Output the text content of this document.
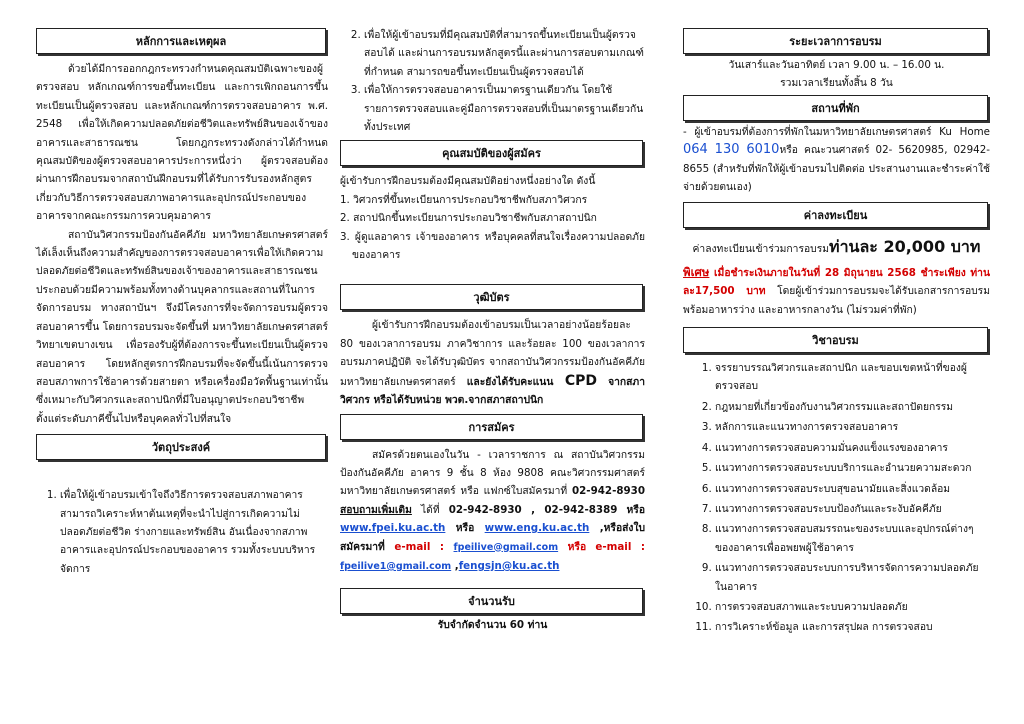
หลักการและเหตุผล

ด้วยได้มีการออกกฎกระทรวงกำหนดคุณสมบัติเฉพาะของผู้ตรวจสอบ หลักเกณฑ์การขอขึ้นทะเบียน และการเพิกถอนการขึ้นทะเบียนเป็นผู้ตรวจสอบ และหลักเกณฑ์การตรวจสอบอาคาร พ.ศ. 2548 เพื่อให้เกิดความปลอดภัยต่อชีวิตและทรัพย์สินของเจ้าของอาคารและสาธารณชน โดยกฎกระทรวงดังกล่าวได้กำหนดคุณสมบัติของผู้ตรวจสอบอาคารประการหนึ่งว่า ผู้ตรวจสอบต้องผ่านการฝึกอบรมจากสถาบันฝึกอบรมที่ได้รับการรับรองหลักสูตรเกี่ยวกับวิธีการตรวจสอบสภาพอาคารและอุปกรณ์ประกอบของอาคารจากคณะกรรมการควบคุมอาคาร

สถาบันวิศวกรรมป้องกันอัคคีภัย มหาวิทยาลัยเกษตรศาสตร์ ได้เล็งเห็นถึงความสำคัญของการตรวจสอบอาคารเพื่อให้เกิดความปลอดภัยต่อชีวิตและทรัพย์สินของเจ้าของอาคารและสาธารณชน ประกอบด้วยมีความพร้อมทั้งทางด้านบุคลากรและสถานที่ในการจัดการอบรม ทางสถาบันฯ จึงมีโครงการที่จะจัดการอบรมผู้ตรวจสอบอาคารขึ้น โดยการอบรมจะจัดขึ้นที่ มหาวิทยาลัยเกษตรศาสตร์ วิทยาเขตบางเขน เพื่อรองรับผู้ที่ต้องการจะขึ้นทะเบียนเป็นผู้ตรวจสอบอาคาร โดยหลักสูตรการฝึกอบรมที่จะจัดขึ้นนี้เน้นการตรวจสอบสภาพการใช้อาคารด้วยสายตา หรือเครื่องมือวัดพื้นฐานเท่านั้น ซึ่งเหมาะกับวิศวกรและสถาปนิกที่มีใบอนุญาตประกอบวิชาชีพตั้งแต่ระดับภาคีขึ้นไปหรือบุคคลทั่วไปที่สนใจ

วัตถุประสงค์
1. เพื่อให้ผู้เข้าอบรมเข้าใจถึงวิธีการตรวจสอบสภาพอาคาร สามารถวิเคราะห์หาต้นเหตุที่จะนำไปสู่การเกิดความไม่ปลอดภัยต่อชีวิต ร่างกายและทรัพย์สิน อันเนื่องจากสภาพอาคารและอุปกรณ์ประกอบของอาคาร รวมทั้งระบบบริหารจัดการ
2. เพื่อให้ผู้เข้าอบรมที่มีคุณสมบัติที่สามารถขึ้นทะเบียนเป็นผู้ตรวจสอบได้ และผ่านการอบรมหลักสูตรนี้และผ่านการสอบตามเกณฑ์ที่กำหนด สามารถขอขึ้นทะเบียนเป็นผู้ตรวจสอบได้
3. เพื่อให้การตรวจสอบอาคารเป็นมาตรฐานเดียวกัน โดยใช้รายการตรวจสอบและคู่มือการตรวจสอบที่เป็นมาตรฐานเดียวกันทั้งประเทศ
คุณสมบัติของผู้สมัคร

ผู้เข้ารับการฝึกอบรมต้องมีคุณสมบัติอย่างหนึ่งอย่างใด ดังนี้

1. วิศวกรที่ขึ้นทะเบียนการประกอบวิชาชีพกับสภาวิศวกร

2. สถาปนิกขึ้นทะเบียนการประกอบวิชาชีพกับสภาสถาปนิก

3. ผู้ดูแลอาคาร เจ้าของอาคาร หรือบุคคลที่สนใจเรื่องความปลอดภัยของอาคาร

วุฒิบัตร

ผู้เข้ารับการฝึกอบรมต้องเข้าอบรมเป็นเวลาอย่างน้อยร้อยละ 80 ของเวลาการอบรม ภาควิชาการ และร้อยละ 100 ของเวลาการอบรมภาคปฏิบัติ จะได้รับวุฒิบัตร จากสถาบันวิศวกรรมป้องกันอัคคีภัย มหาวิทยาลัยเกษตรศาสตร์ และยังได้รับคะแนน CPD จากสภาวิศวกร หรือได้รับหน่วย พวต.จากสภาสถาปนิก

การสมัคร

สมัครด้วยตนเองในวัน - เวลาราชการ ณ สถาบันวิศวกรรมป้องกันอัคคีภัย อาคาร 9 ชั้น 8 ห้อง 9808 คณะวิศวกรรมศาสตร์ มหาวิทยาลัยเกษตรศาสตร์ หรือ แฟกซ์ใบสมัครมาที่ 02-942-8930 สอบถามเพิ่มเติม ได้ที่ 02-942-8930 , 02-942-8389 หรือ www.fpei.ku.ac.th หรือ www.eng.ku.ac.th ,หรือส่งใบสมัครมาที่ e-mail : fpeilive@gmail.com หรือ e-mail : fpeilive1@gmail.com ,fengsjn@ku.ac.th

จำนวนรับ

รับจำกัดจำนวน 60 ท่าน

ระยะเวลาการอบรม

วันเสาร์และวันอาทิตย์ เวลา 9.00 น. – 16.00 น.

รวมเวลาเรียนทั้งสิ้น 8 วัน

สถานที่พัก

- ผู้เข้าอบรมที่ต้องการที่พักในมหาวิทยาลัยเกษตรศาสตร์ Ku Home 064 130 6010หรือ คณะวนศาสตร์ 02- 5620985, 02942-8655 (สำหรับที่พักให้ผู้เข้าอบรมไปติดต่อ ประสานงานและชำระค่าใช้จ่ายด้วยตนเอง)

ค่าลงทะเบียน

ค่าลงทะเบียนเข้าร่วมการอบรมท่านละ 20,000 บาท

พิเศษ เมื่อชำระเงินภายในวันที่ 28 มิถุนายน 2568 ชำระเพียง ท่านละ17,500 บาท โดยผู้เข้าร่วมการอบรมจะได้รับเอกสารการอบรม พร้อมอาหารว่าง และอาหารกลางวัน (ไม่รวมค่าที่พัก)

วิชาอบรม
1. จรรยาบรรณวิศวกรและสถาปนิก และขอบเขตหน้าที่ของผู้ตรวจสอบ
2. กฎหมายที่เกี่ยวข้องกับงานวิศวกรรมและสถาปัตยกรรม
3. หลักการและแนวทางการตรวจสอบอาคาร
4. แนวทางการตรวจสอบความมั่นคงแข็งแรงของอาคาร
5. แนวทางการตรวจสอบระบบบริการและอำนวยความสะดวก
6. แนวทางการตรวจสอบระบบสุขอนามัยและสิ่งแวดล้อม
7. แนวทางการตรวจสอบระบบป้องกันและระงับอัคคีภัย
8. แนวทางการตรวจสอบสมรรถนะของระบบและอุปกรณ์ต่างๆ ของอาคารเพื่ออพยพผู้ใช้อาคาร
9. แนวทางการตรวจสอบระบบการบริหารจัดการความปลอดภัยในอาคาร
10. การตรวจสอบสภาพและระบบความปลอดภัย
11. การวิเคราะห์ข้อมูล และการสรุปผล การตรวจสอบ
